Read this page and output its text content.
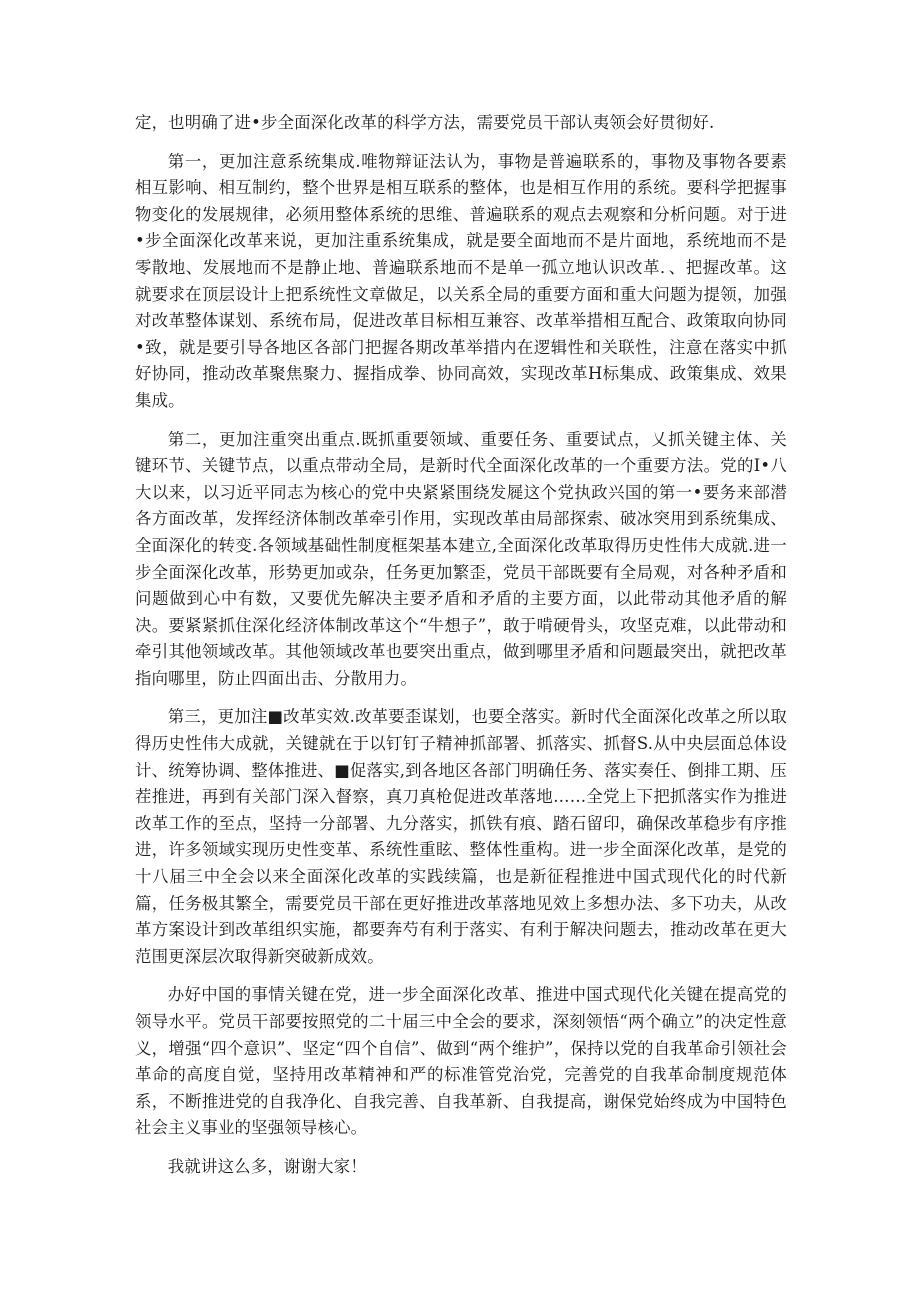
定，也明确了进•步全面深化改革的科学方法，需要党员干部认夷领会好贯彻好.

第一，更加注意系统集成.唯物辩证法认为，事物是普遍联系的，事物及事物各要素相互影响、相互制约，整个世界是相互联系的整体，也是相互作用的系统。要科学把握事物变化的发展规律，必须用整体系统的思维、普遍联系的观点去观察和分析问题。对于进•步全面深化改革来说，更加注重系统集成，就是要全面地而不是片面地，系统地而不是零散地、发展地而不是静止地、普遍联系地而不是单一孤立地认识改革．、把握改革。这就要求在顶层设计上把系统性文章做足，以关系全局的重要方面和重大问题为提领，加强对改革整体谋划、系统布局，促进改革目标相互兼容、改革举措相互配合、政策取向协同•致，就是要引导各地区各部门把握各期改革举措内在逻辑性和关联性，注意在落实中抓好协同，推动改革聚焦聚力、握指成拳、协同高效，实现改革H标集成、政策集成、效果集成。

第二，更加注重突出重点.既抓重要领域、重要任务、重要试点，乂抓关键主体、关键环节、关键节点，以重点带动全局，是新时代全面深化改革的一个重要方法。党的I•八大以来，以习近平同志为核心的党中央紧紧围绕发屣这个党执政兴国的第一•要务来部潜各方面改革，发挥经济体制改革牵引作用，实现改革由局部探索、破冰突用到系统集成、全面深化的转变.各领域基础性制度框架基本建立,全面深化改革取得历史性伟大成就.进一步全面深化改革，形势更加或杂，任务更加繁歪，党员干部既要有全局观，对各种矛盾和问题做到心中有数，又要优先解决主要矛盾和矛盾的主要方面，以此带动其他矛盾的解决。要紧紧抓住深化经济体制改革这个“牛想子”，敢于啃硬骨头，攻坚克难，以此带动和牵引其他领域改革。其他领域改革也要突出重点，做到哪里矛盾和问题最突出，就把改革指向哪里，防止四面出击、分散用力。

第三，更加注■改革实效.改革要歪谋划，也要全落实。新时代全面深化改革之所以取得历史性伟大成就，关键就在于以钉钉子精神抓部署、抓落实、抓督S.从中央层面总体设计、统筹协调、整体推进、■促落实,到各地区各部门明确任务、落实奏任、倒排工期、压茬推进，再到有关部门深入督察，真刀真枪促进改革落地……全党上下把抓落实作为推进改革工作的至点，坚持一分部署、九分落实，抓铁有痕、踏石留印，确保改革稳步有序推进，许多领域实现历史性变革、系统性重眩、整体性重构。进一步全面深化改革，是党的十八届三中全会以来全面深化改革的实践续篇，也是新征程推进中国式现代化的时代新篇，任务极其繁全，需要党员干部在更好推进改革落地见效上多想办法、多下功夫，从改革方案设计到改革组织实施，都要奔芍有利于落实、有利于解决问题去，推动改革在更大范围更深层次取得新突破新成效。

办好中国的事情关键在党，进一步全面深化改革、推进中国式现代化关键在提高党的领导水平。党员干部要按照党的二十届三中全会的要求，深刻领悟“两个确立”的决定性意义，增强“四个意识”、坚定“四个自信”、做到“两个维护”，保持以党的自我革命引领社会革命的高度自觉，坚持用改革精神和严的标准管党治党，完善党的自我革命制度规范体系，不断推进党的自我净化、自我完善、自我革新、自我提高，谢保党始终成为中国特色社会主义事业的坚强领导核心。

我就讲这么多，谢谢大家！
